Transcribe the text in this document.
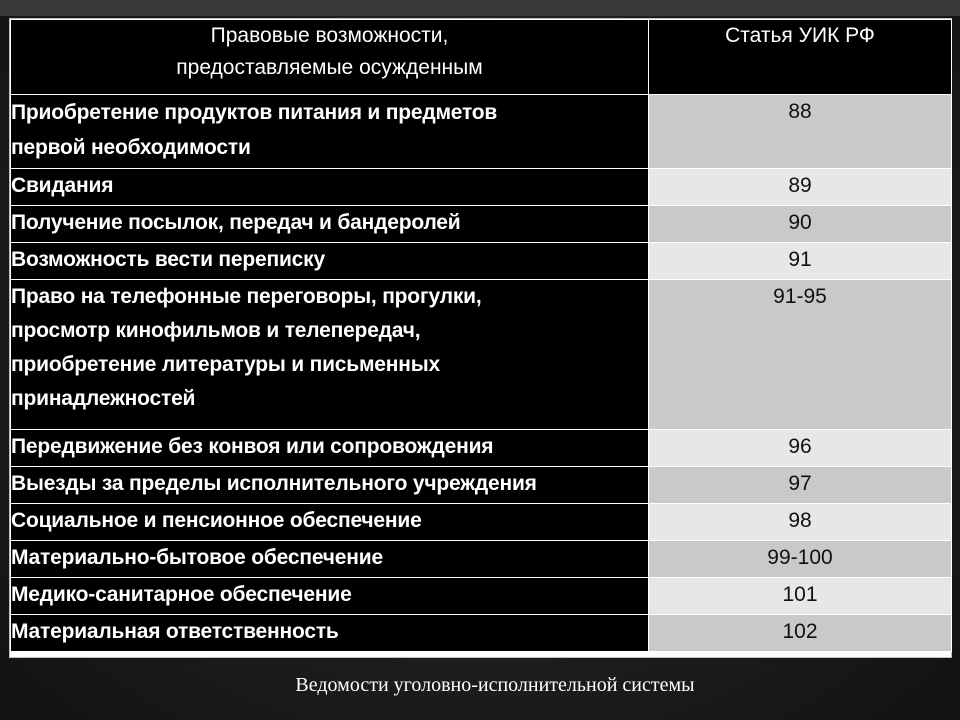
Правовые возможности,
предоставляемые осужденным	Статья УИК РФ
Приобретение продуктов питания и предметов первой необходимости	88
Свидания	89
Получение посылок, передач и бандеролей	90
Возможность вести переписку	91
Право на телефонные переговоры, прогулки, просмотр кинофильмов и телепередач, приобретение литературы и письменных принадлежностей	91-95
Передвижение без конвоя или сопровождения	96
Выезды за пределы исполнительного учреждения	97
Социальное и пенсионное обеспечение	98
Материально-бытовое обеспечение	99-100
Медико-санитарное обеспечение	101
Материальная ответственность	102
Ведомости уголовно-исполнительной системы
